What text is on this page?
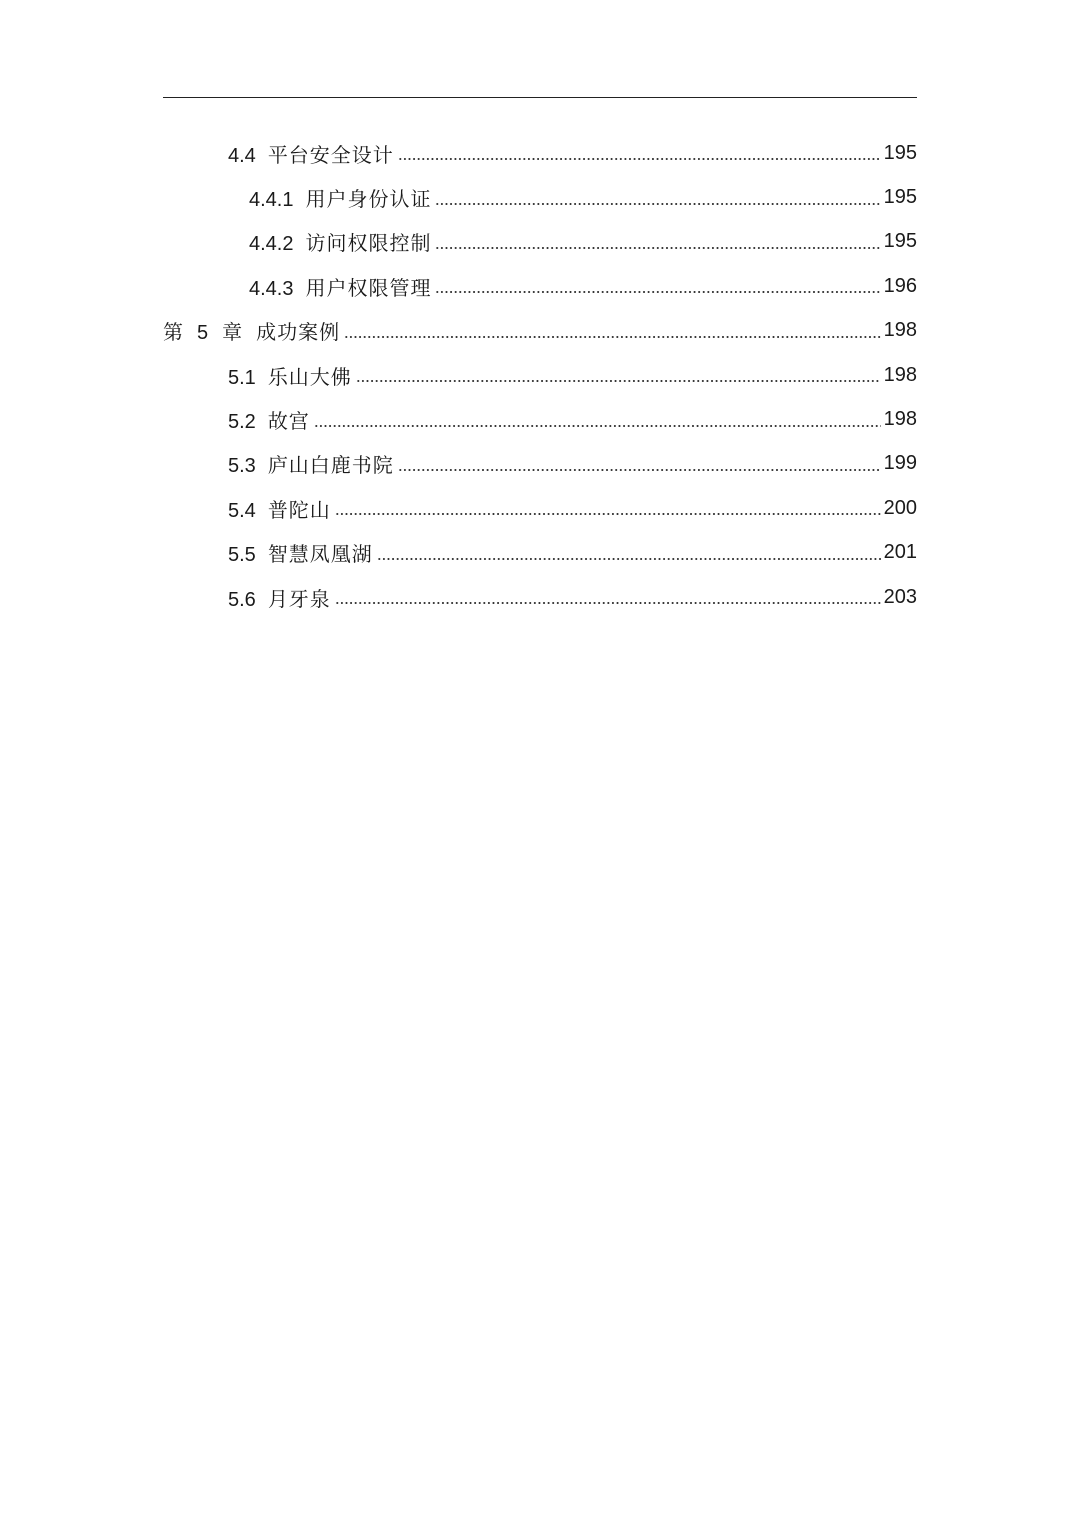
4.4 平台安全设计	195
4.4.1 用户身份认证	195
4.4.2 访问权限控制	195
4.4.3 用户权限管理	196
第 5 章 成功案例	198
5.1 乐山大佛	198
5.2 故宫	198
5.3 庐山白鹿书院	199
5.4 普陀山	200
5.5 智慧凤凰湖	201
5.6 月牙泉	203
